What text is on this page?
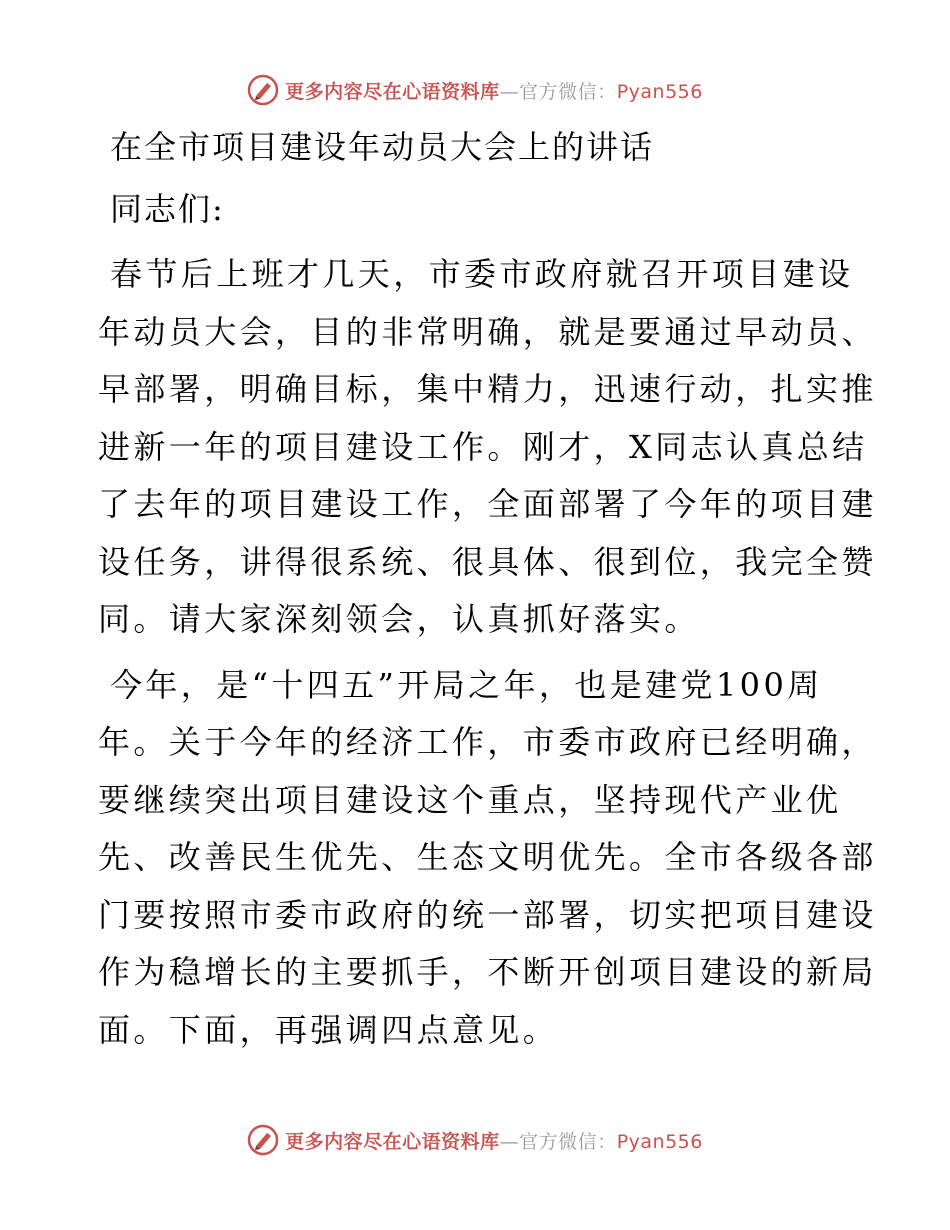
更多内容尽在心语资料库—官方微信：Pyan556
在全市项目建设年动员大会上的讲话

同志们:

春节后上班才几天，市委市政府就召开项目建设
年动员大会，目的非常明确，就是要通过早动员、
早部署，明确目标，集中精力，迅速行动，扎实推
进新一年的项目建设工作。刚才，X同志认真总结
了去年的项目建设工作，全面部署了今年的项目建
设任务，讲得很系统、很具体、很到位，我完全赞
同。请大家深刻领会，认真抓好落实。

今年，是“十四五”开局之年，也是建党100周
年。关于今年的经济工作，市委市政府已经明确，
要继续突出项目建设这个重点，坚持现代产业优
先、改善民生优先、生态文明优先。全市各级各部
门要按照市委市政府的统一部署，切实把项目建设
作为稳增长的主要抓手，不断开创项目建设的新局
面。下面，再强调四点意见。

更多内容尽在心语资料库—官方微信：Pyan556
